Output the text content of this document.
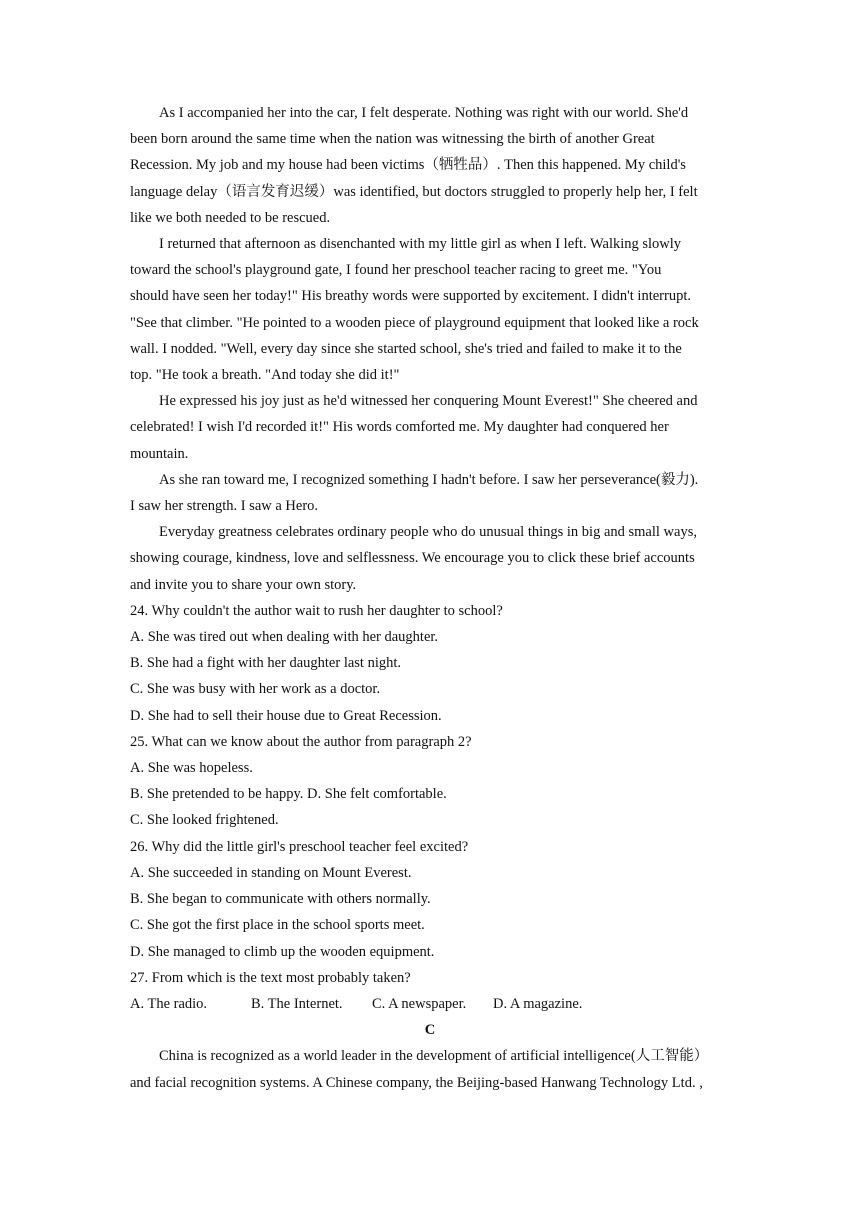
As I accompanied her into the car, I felt desperate. Nothing was right with our world. She'd
been born around the same time when the nation was witnessing the birth of another Great
Recession. My job and my house had been victims（牺牲品）. Then this happened. My child's
language delay（语言发育迟缓）was identified, but doctors struggled to properly help her, I felt
like we both needed to be rescued.
I returned that afternoon as disenchanted with my little girl as when I left. Walking slowly
toward the school's playground gate, I found her preschool teacher racing to greet me. "You
should have seen her today!" His breathy words were supported by excitement. I didn't interrupt.
"See that climber. "He pointed to a wooden piece of playground equipment that looked like a rock
wall. I nodded. "Well, every day since she started school, she's tried and failed to make it to the
top. "He took a breath. "And today she did it!"
He expressed his joy just as he'd witnessed her conquering Mount Everest!" She cheered and
celebrated! I wish I'd recorded it!" His words comforted me. My daughter had conquered her
mountain.
As she ran toward me, I recognized something I hadn't before. I saw her perseverance(毅力).
I saw her strength. I saw a Hero.
Everyday greatness celebrates ordinary people who do unusual things in big and small ways,
showing courage, kindness, love and selflessness. We encourage you to click these brief accounts
and invite you to share your own story.
24. Why couldn't the author wait to rush her daughter to school?
A. She was tired out when dealing with her daughter.
B. She had a fight with her daughter last night.
C. She was busy with her work as a doctor.
D. She had to sell their house due to Great Recession.
25. What can we know about the author from paragraph 2?
A. She was hopeless.
B. She pretended to be happy. D. She felt comfortable.
C. She looked frightened.
26. Why did the little girl's preschool teacher feel excited?
A. She succeeded in standing on Mount Everest.
B. She began to communicate with others normally.
C. She got the first place in the school sports meet.
D. She managed to climb up the wooden equipment.
27. From which is the text most probably taken?
A. The radio.	B. The Internet.	C. A newspaper.	D. A magazine.
C
China is recognized as a world leader in the development of artificial intelligence(人工智能）
and facial recognition systems. A Chinese company, the Beijing-based Hanwang Technology Ltd. ,
